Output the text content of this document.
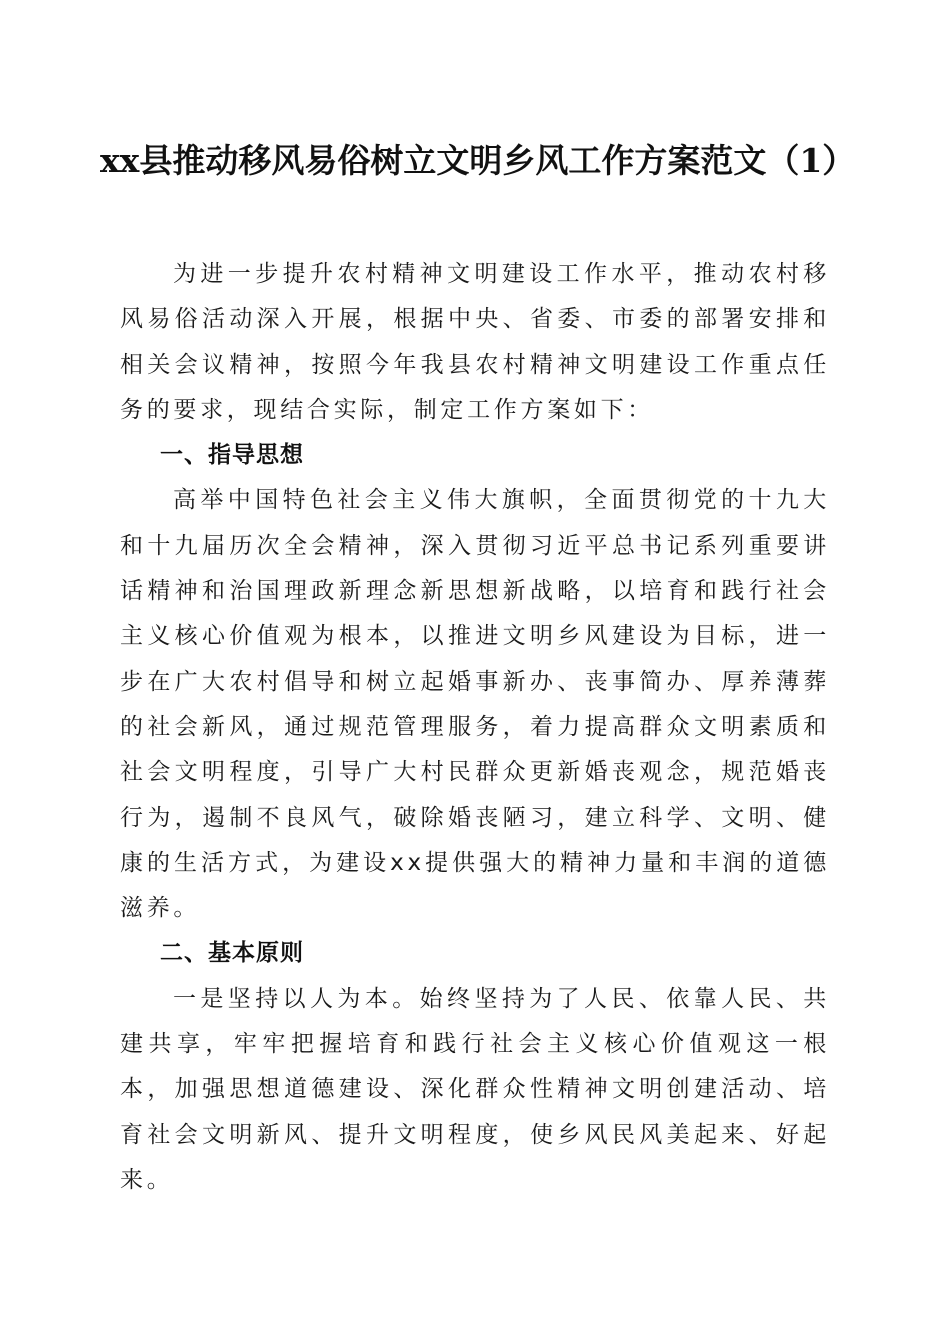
xx县推动移风易俗树立文明乡风工作方案范文（1）

为进一步提升农村精神文明建设工作水平，推动农村移风易俗活动深入开展，根据中央、省委、市委的部署安排和相关会议精神，按照今年我县农村精神文明建设工作重点任务的要求，现结合实际，制定工作方案如下：

一、指导思想

高举中国特色社会主义伟大旗帜，全面贯彻党的十九大和十九届历次全会精神，深入贯彻习近平总书记系列重要讲话精神和治国理政新理念新思想新战略，以培育和践行社会主义核心价值观为根本，以推进文明乡风建设为目标，进一步在广大农村倡导和树立起婚事新办、丧事简办、厚养薄葬的社会新风，通过规范管理服务，着力提高群众文明素质和社会文明程度，引导广大村民群众更新婚丧观念，规范婚丧行为，遏制不良风气，破除婚丧陋习，建立科学、文明、健康的生活方式，为建设xx提供强大的精神力量和丰润的道德滋养。

二、基本原则

一是坚持以人为本。始终坚持为了人民、依靠人民、共建共享，牢牢把握培育和践行社会主义核心价值观这一根本，加强思想道德建设、深化群众性精神文明创建活动、培育社会文明新风、提升文明程度，使乡风民风美起来、好起来。
